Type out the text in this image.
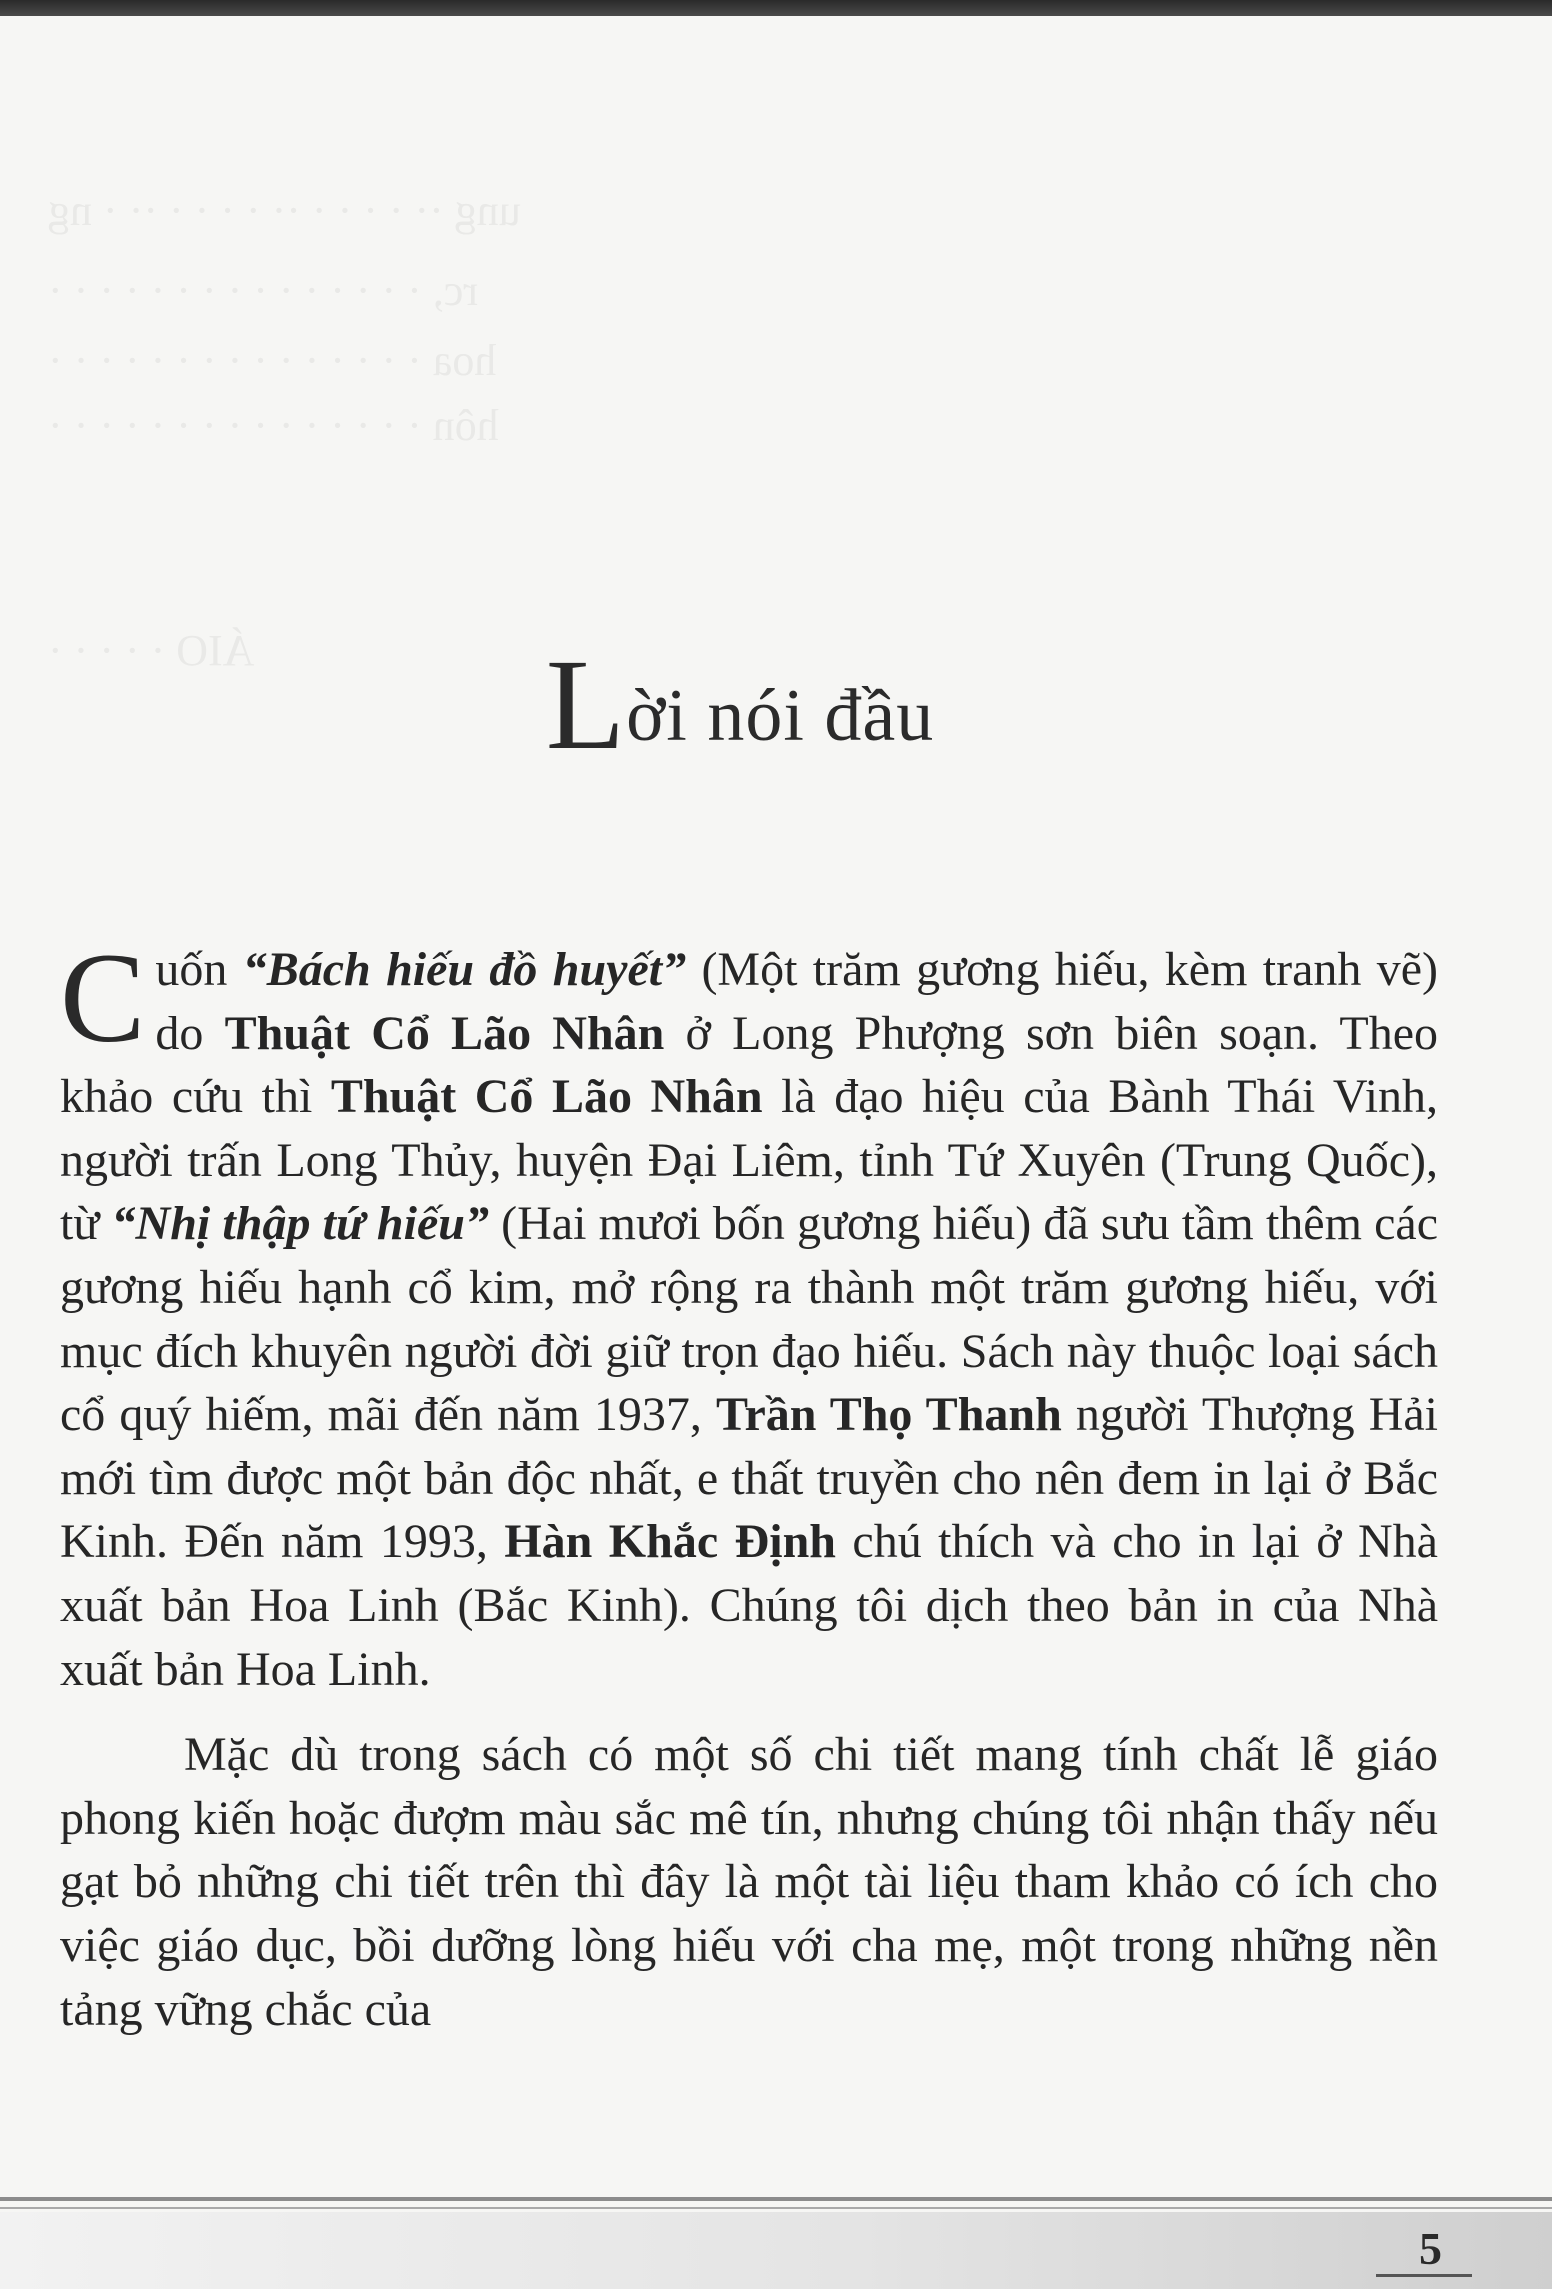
ung ·· · · · · ·· · · · · ·· · ng
rc, · · · · · · · · · · · · · · ·
hoa · · · · · · · · · · · · · · ·
hôn · · · · · · · · · · · · · · ·
ÁIO · · · · ·	Lời nói đầu

Cuốn “Bách hiếu đồ huyết” (Một trăm gương hiếu, kèm tranh vẽ) do Thuật Cổ Lão Nhân ở Long Phượng sơn biên soạn. Theo khảo cứu thì Thuật Cổ Lão Nhân là đạo hiệu của Bành Thái Vinh, người trấn Long Thủy, huyện Đại Liêm, tỉnh Tứ Xuyên (Trung Quốc), từ “Nhị thập tứ hiếu” (Hai mươi bốn gương hiếu) đã sưu tầm thêm các gương hiếu hạnh cổ kim, mở rộng ra thành một trăm gương hiếu, với mục đích khuyên người đời giữ trọn đạo hiếu. Sách này thuộc loại sách cổ quý hiếm, mãi đến năm 1937, Trần Thọ Thanh người Thượng Hải mới tìm được một bản độc nhất, e thất truyền cho nên đem in lại ở Bắc Kinh. Đến năm 1993, Hàn Khắc Định chú thích và cho in lại ở Nhà xuất bản Hoa Linh (Bắc Kinh). Chúng tôi dịch theo bản in của Nhà xuất bản Hoa Linh.

Mặc dù trong sách có một số chi tiết mang tính chất lễ giáo phong kiến hoặc đượm màu sắc mê tín, nhưng chúng tôi nhận thấy nếu gạt bỏ những chi tiết trên thì đây là một tài liệu tham khảo có ích cho việc giáo dục, bồi dưỡng lòng hiếu với cha mẹ, một trong những nền tảng vững chắc của

5
